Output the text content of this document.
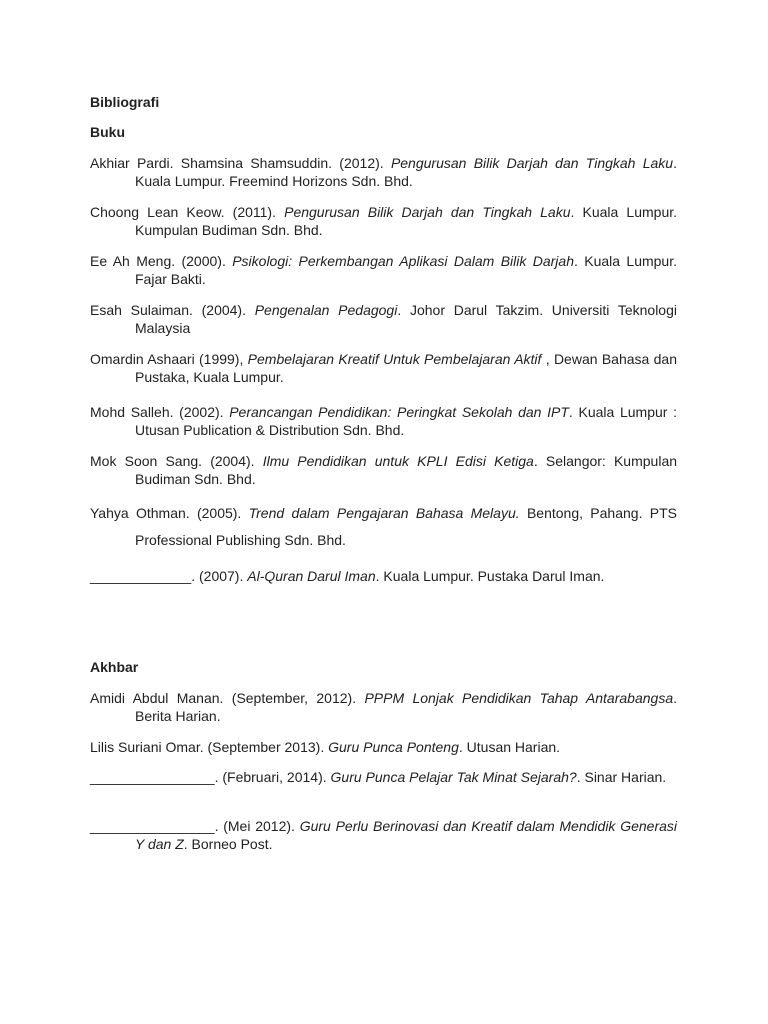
Bibliografi
Buku

Akhiar Pardi. Shamsina Shamsuddin. (2012). Pengurusan Bilik Darjah dan Tingkah Laku. Kuala Lumpur. Freemind Horizons Sdn. Bhd.

Choong Lean Keow. (2011). Pengurusan Bilik Darjah dan Tingkah Laku. Kuala Lumpur. Kumpulan Budiman Sdn. Bhd.

Ee Ah Meng. (2000). Psikologi: Perkembangan Aplikasi Dalam Bilik Darjah. Kuala Lumpur. Fajar Bakti.

Esah Sulaiman. (2004). Pengenalan Pedagogi. Johor Darul Takzim. Universiti Teknologi Malaysia

Omardin Ashaari (1999), Pembelajaran Kreatif Untuk Pembelajaran Aktif , Dewan Bahasa dan Pustaka, Kuala Lumpur.

Mohd Salleh. (2002). Perancangan Pendidikan: Peringkat Sekolah dan IPT. Kuala Lumpur : Utusan Publication & Distribution Sdn. Bhd.

Mok Soon Sang. (2004). Ilmu Pendidikan untuk KPLI Edisi Ketiga. Selangor: Kumpulan Budiman Sdn. Bhd.

Yahya Othman. (2005). Trend dalam Pengajaran Bahasa Melayu. Bentong, Pahang. PTS Professional Publishing Sdn. Bhd.

_____________. (2007). Al-Quran Darul Iman. Kuala Lumpur. Pustaka Darul Iman.

Akhbar

Amidi Abdul Manan. (September, 2012). PPPM Lonjak Pendidikan Tahap Antarabangsa. Berita Harian.

Lilis Suriani Omar. (September 2013). Guru Punca Ponteng. Utusan Harian.

________________. (Februari, 2014). Guru Punca Pelajar Tak Minat Sejarah?. Sinar Harian.

________________. (Mei 2012). Guru Perlu Berinovasi dan Kreatif dalam Mendidik Generasi Y dan Z. Borneo Post.
